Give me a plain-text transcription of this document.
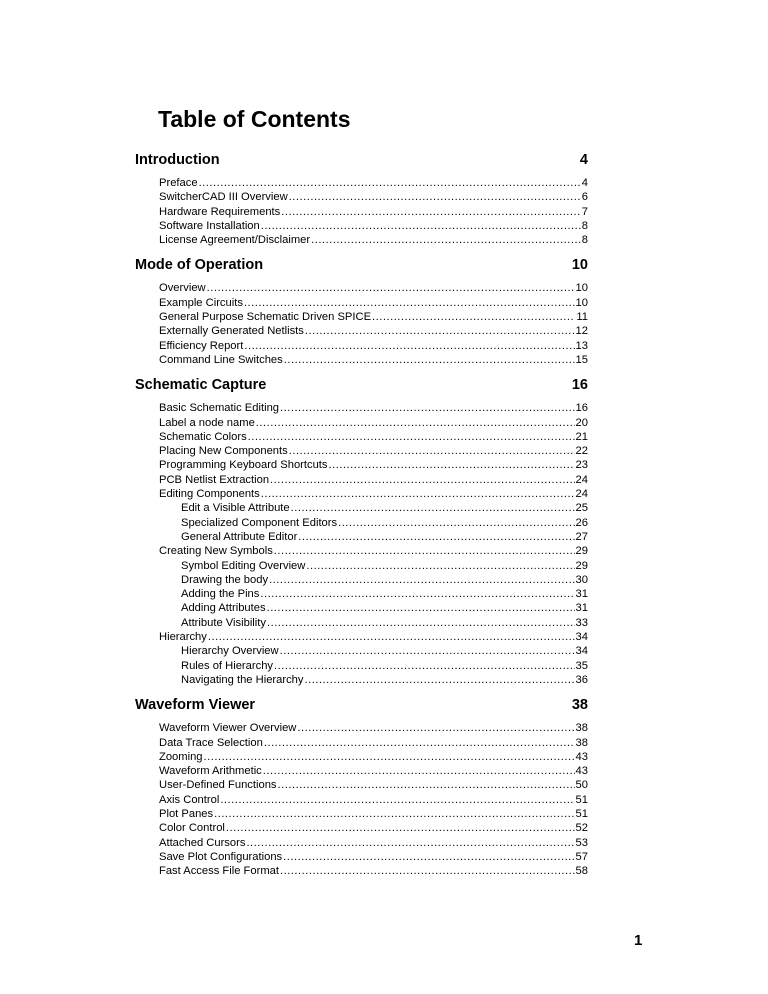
Table of Contents
Introduction	4
Preface .....	4
SwitcherCAD III Overview .....	6
Hardware Requirements .....	7
Software Installation .....	8
License Agreement/Disclaimer .....	8
Mode of Operation	10
Overview .....	10
Example Circuits .....	10
General Purpose Schematic Driven SPICE .....	11
Externally Generated Netlists .....	12
Efficiency Report .....	13
Command Line Switches .....	15
Schematic Capture	16
Basic Schematic Editing .....	16
Label a node name .....	20
Schematic Colors .....	21
Placing New Components .....	22
Programming Keyboard Shortcuts .....	23
PCB Netlist Extraction .....	24
Editing Components .....	24
Edit a Visible Attribute .....	25
Specialized Component Editors .....	26
General Attribute Editor .....	27
Creating New Symbols .....	29
Symbol Editing Overview .....	29
Drawing the body .....	30
Adding the Pins .....	31
Adding Attributes .....	31
Attribute Visibility .....	33
Hierarchy .....	34
Hierarchy Overview .....	34
Rules of Hierarchy .....	35
Navigating the Hierarchy .....	36
Waveform Viewer	38
Waveform Viewer Overview .....	38
Data Trace Selection .....	38
Zooming .....	43
Waveform Arithmetic .....	43
User-Defined Functions .....	50
Axis Control .....	51
Plot Panes .....	51
Color Control .....	52
Attached Cursors .....	53
Save Plot Configurations .....	57
Fast Access File Format .....	58
1
